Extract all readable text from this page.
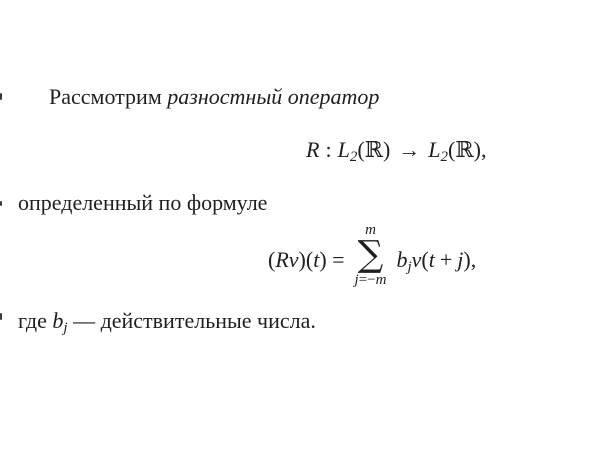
Рассмотрим разностный оператор
R : $L_2(ℝ)$ → $L_2(ℝ)$,
определенный по формуле
(Rv)(t) =
m
∑
j=−m
$b_jv(t + j)$,
где $b_j$ — действительные числа.
